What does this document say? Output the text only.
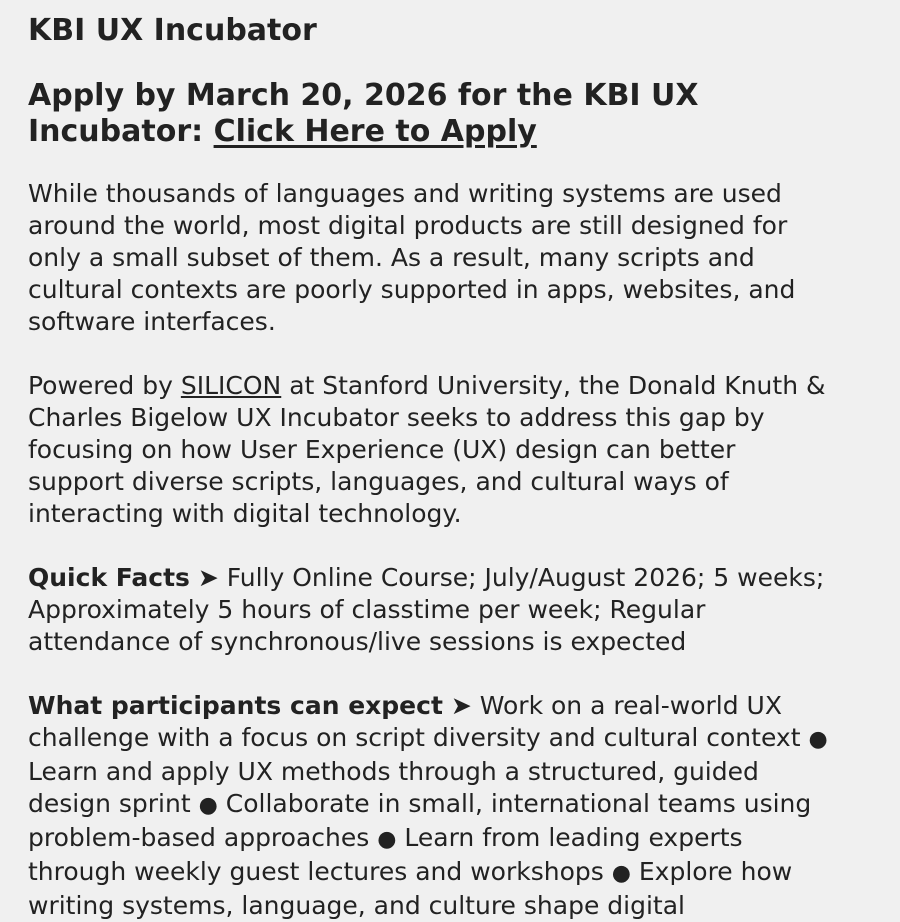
KBI UX Incubator
Apply by March 20, 2026 for the KBI UX Incubator: Click Here to Apply

While thousands of languages and writing systems are used around the world, most digital products are still designed for only a small subset of them. As a result, many scripts and cultural contexts are poorly supported in apps, websites, and software interfaces.

Powered by SILICON at Stanford University, the Donald Knuth & Charles Bigelow UX Incubator seeks to address this gap by focusing on how User Experience (UX) design can better support diverse scripts, languages, and cultural ways of interacting with digital technology.

Quick Facts ➤ Fully Online Course; July/August 2026; 5 weeks; Approximately 5 hours of classtime per week; Regular attendance of synchronous/live sessions is expected

What participants can expect ➤ Work on a real-world UX challenge with a focus on script diversity and cultural context ● Learn and apply UX methods through a structured, guided design sprint ● Collaborate in small, international teams using problem-based approaches ● Learn from leading experts through weekly guest lectures and workshops ● Explore how writing systems, language, and culture shape digital
